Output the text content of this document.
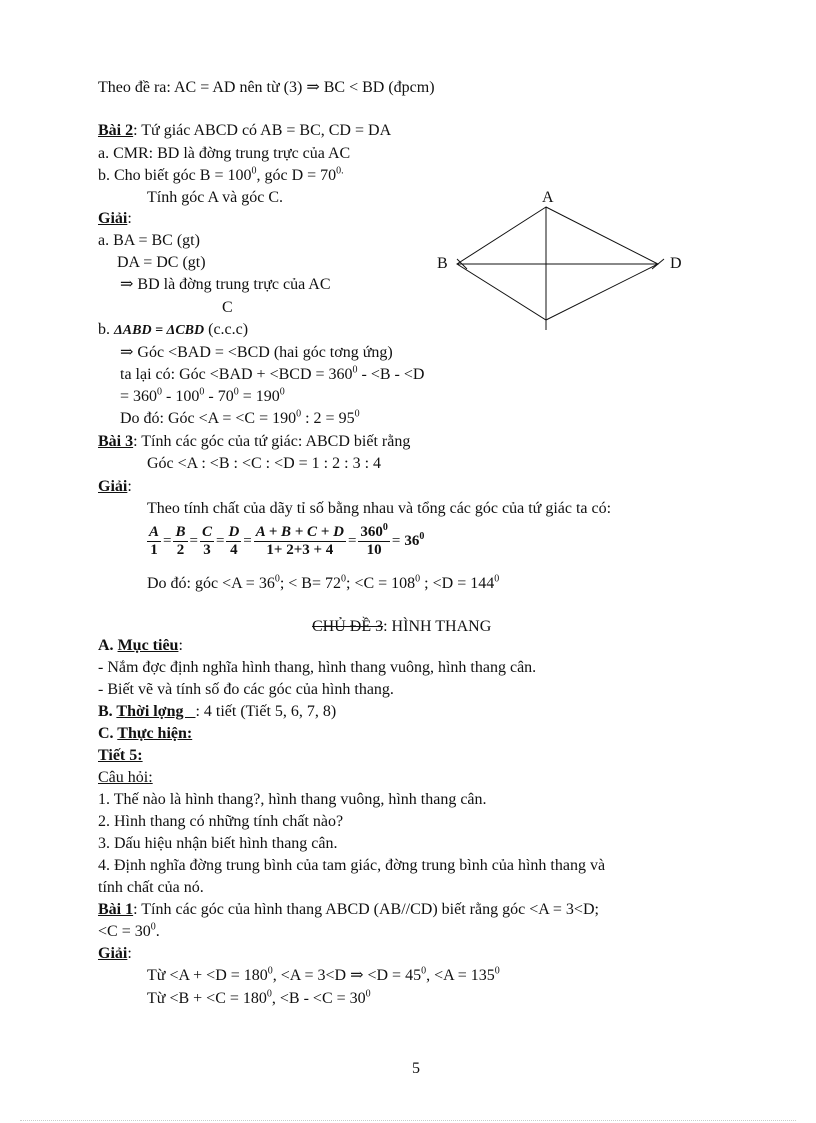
Theo đề ra: AC = AD nên từ (3) ⇒ BC < BD (đpcm)
Bài 2: Tứ giác ABCD có AB = BC, CD = DA
a. CMR: BD là đờng trung trực của AC
b. Cho biết góc $B = 100^0$, góc $D = 70^{0.}$
Tính góc A và góc C.
Giải:
a. BA = BC (gt)
DA = DC (gt)
⇒ BD là đờng trung trực của AC
C
b. ΔABD = ΔCBD (c.c.c)
⇒ Góc <BAD = <BCD (hai góc tơng ứng)
ta lại có: Góc $<BAD + <BCD = 360^0 - <B - <D$
= $360^0 - 100^0 - 70^0 = 190^0$
Do đó: Góc $<A = <C = 190^0$ : $2 = 95^0$
A
B	D
Bài 3: Tính các góc của tứ giác: ABCD biết rằng
Góc <A : <B : <C : <D = 1 : 2 : 3 : 4
Giải:
Theo tính chất của dãy tỉ số bằng nhau và tổng các góc của tứ giác ta có:
$\frac{A}{1} = \frac{B}{2} = \frac{C}{3} = \frac{D}{4} = \frac{A + B + C + D}{1+ 2+3 + 4} = \frac{360^0}{10} = 36^0$
Do đó: góc $<A = 36^0$; < $B= 72^0$; $<C = 108^0$ ; $<D = 144^0$
CHỦ ĐỀ 3: HÌNH THANG
A. Mục tiêu:
- Nắm đợc định nghĩa hình thang, hình thang vuông, hình thang cân.
- Biết vẽ và tính số đo các góc của hình thang.
B. Thời lợng   : 4 tiết (Tiết 5, 6, 7, 8)
C. Thực hiện:
Tiết 5:
Câu hỏi:
1. Thế nào là hình thang?, hình thang vuông, hình thang cân.
2. Hình thang có những tính chất nào?
3. Dấu hiệu nhận biết hình thang cân.
4. Định nghĩa đờng trung bình của tam giác, đờng trung bình của hình thang và
tính chất của nó.
Bài 1: Tính các góc của hình thang ABCD (AB//CD) biết rằng góc <A = 3<D;
$<C = 30^0$.
Giải:
Từ $<A + <D = 180^0$, <A = 3<D ⇒ $<D = 45^0$, $<A = 135^0$
Từ $<B + <C = 180^0$, $<B - <C = 30^0$
5
